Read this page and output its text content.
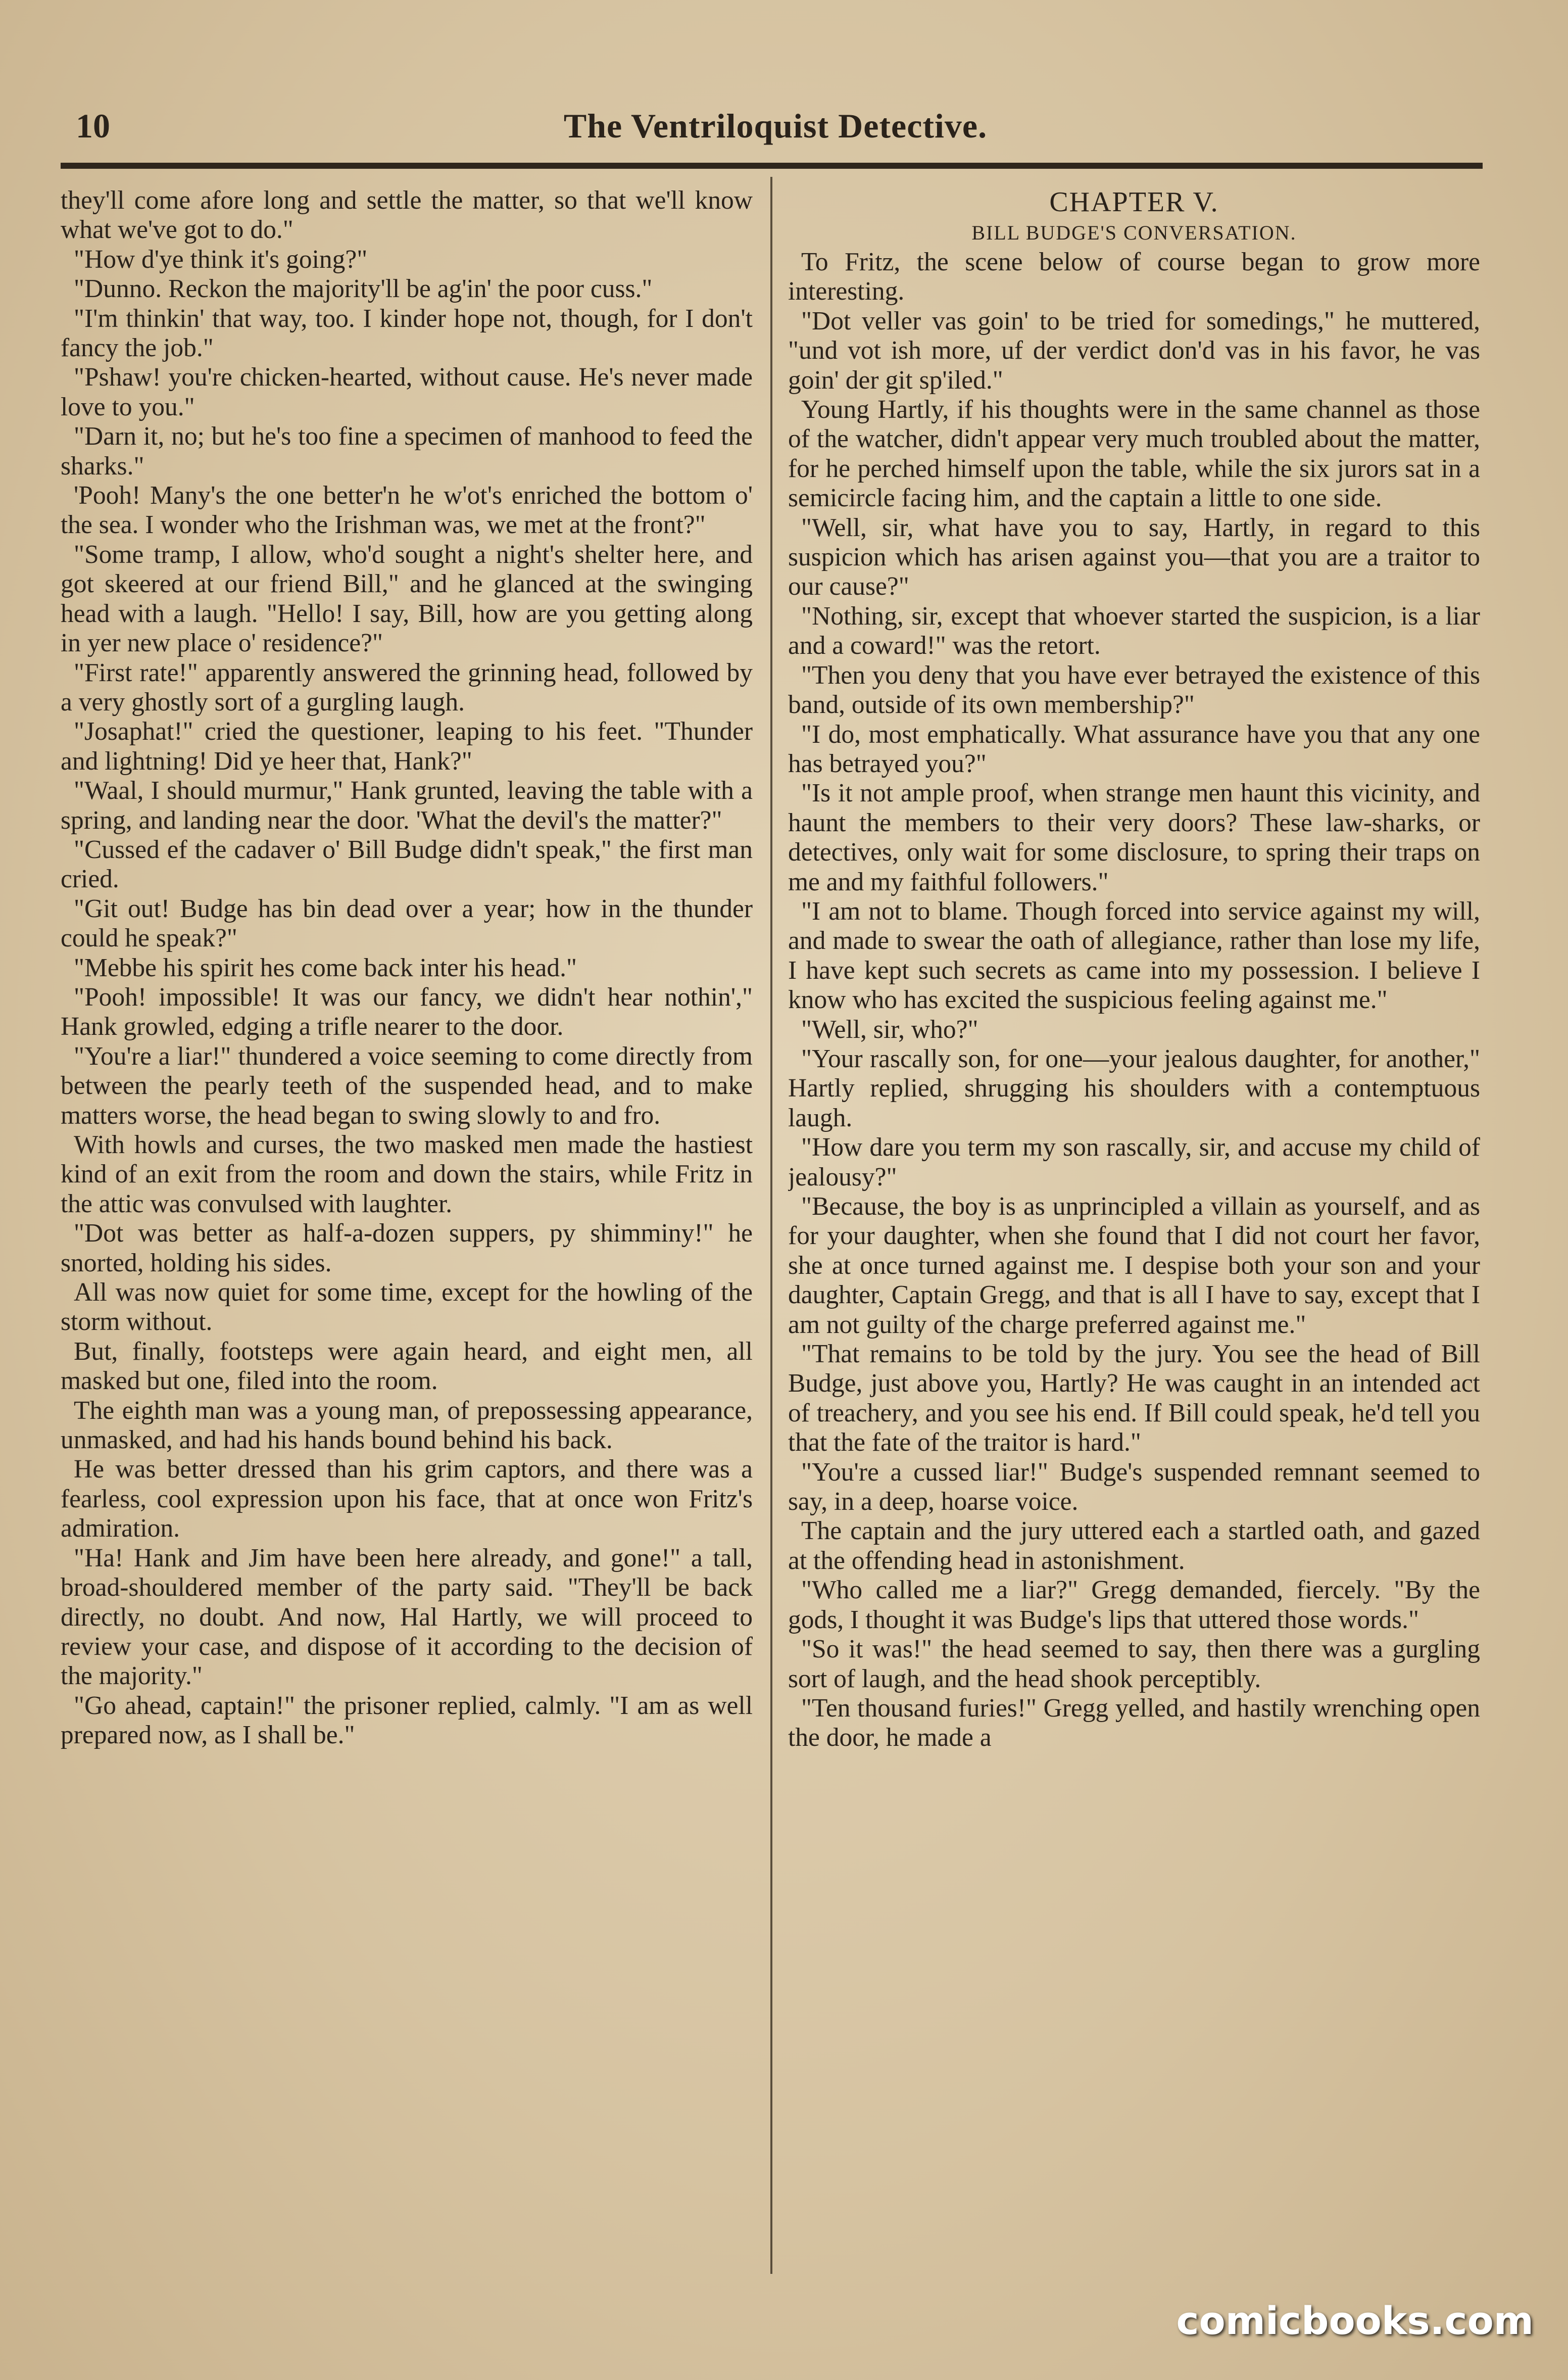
10	The Ventriloquist Detective.

they'll come afore long and settle the matter, so that we'll know what we've got to do."

"How d'ye think it's going?"

"Dunno. Reckon the majority'll be ag'in' the poor cuss."

"I'm thinkin' that way, too. I kinder hope not, though, for I don't fancy the job."

"Pshaw! you're chicken-hearted, without cause. He's never made love to you."

"Darn it, no; but he's too fine a specimen of manhood to feed the sharks."

'Pooh! Many's the one better'n he w'ot's enriched the bottom o' the sea. I wonder who the Irishman was, we met at the front?"

"Some tramp, I allow, who'd sought a night's shelter here, and got skeered at our friend Bill," and he glanced at the swinging head with a laugh. "Hello! I say, Bill, how are you getting along in yer new place o' residence?"

"First rate!" apparently answered the grinning head, followed by a very ghostly sort of a gurgling laugh.

"Josaphat!" cried the questioner, leaping to his feet. "Thunder and lightning! Did ye heer that, Hank?"

"Waal, I should murmur," Hank grunted, leaving the table with a spring, and landing near the door. 'What the devil's the matter?"

"Cussed ef the cadaver o' Bill Budge didn't speak," the first man cried.

"Git out! Budge has bin dead over a year; how in the thunder could he speak?"

"Mebbe his spirit hes come back inter his head."

"Pooh! impossible! It was our fancy, we didn't hear nothin'," Hank growled, edging a trifle nearer to the door.

"You're a liar!" thundered a voice seeming to come directly from between the pearly teeth of the suspended head, and to make matters worse, the head began to swing slowly to and fro.

With howls and curses, the two masked men made the hastiest kind of an exit from the room and down the stairs, while Fritz in the attic was convulsed with laughter.

"Dot was better as half-a-dozen suppers, py shimminy!" he snorted, holding his sides.

All was now quiet for some time, except for the howling of the storm without.

But, finally, footsteps were again heard, and eight men, all masked but one, filed into the room.

The eighth man was a young man, of prepossessing appearance, unmasked, and had his hands bound behind his back.

He was better dressed than his grim captors, and there was a fearless, cool expression upon his face, that at once won Fritz's admiration.

"Ha! Hank and Jim have been here already, and gone!" a tall, broad-shouldered member of the party said. "They'll be back directly, no doubt. And now, Hal Hartly, we will proceed to review your case, and dispose of it according to the decision of the majority."

"Go ahead, captain!" the prisoner replied, calmly. "I am as well prepared now, as I shall be."

CHAPTER V.

BILL BUDGE'S CONVERSATION.

To Fritz, the scene below of course began to grow more interesting.

"Dot veller vas goin' to be tried for somedings," he muttered, "und vot ish more, uf der verdict don'd vas in his favor, he vas goin' der git sp'iled."

Young Hartly, if his thoughts were in the same channel as those of the watcher, didn't appear very much troubled about the matter, for he perched himself upon the table, while the six jurors sat in a semicircle facing him, and the captain a little to one side.

"Well, sir, what have you to say, Hartly, in regard to this suspicion which has arisen against you—that you are a traitor to our cause?"

"Nothing, sir, except that whoever started the suspicion, is a liar and a coward!" was the retort.

"Then you deny that you have ever betrayed the existence of this band, outside of its own membership?"

"I do, most emphatically. What assurance have you that any one has betrayed you?"

"Is it not ample proof, when strange men haunt this vicinity, and haunt the members to their very doors? These law-sharks, or detectives, only wait for some disclosure, to spring their traps on me and my faithful followers."

"I am not to blame. Though forced into service against my will, and made to swear the oath of allegiance, rather than lose my life, I have kept such secrets as came into my possession. I believe I know who has excited the suspicious feeling against me."

"Well, sir, who?"

"Your rascally son, for one—your jealous daughter, for another," Hartly replied, shrugging his shoulders with a contemptuous laugh.

"How dare you term my son rascally, sir, and accuse my child of jealousy?"

"Because, the boy is as unprincipled a villain as yourself, and as for your daughter, when she found that I did not court her favor, she at once turned against me. I despise both your son and your daughter, Captain Gregg, and that is all I have to say, except that I am not guilty of the charge preferred against me."

"That remains to be told by the jury. You see the head of Bill Budge, just above you, Hartly? He was caught in an intended act of treachery, and you see his end. If Bill could speak, he'd tell you that the fate of the traitor is hard."

"You're a cussed liar!" Budge's suspended remnant seemed to say, in a deep, hoarse voice.

The captain and the jury uttered each a startled oath, and gazed at the offending head in astonishment.

"Who called me a liar?" Gregg demanded, fiercely. "By the gods, I thought it was Budge's lips that uttered those words."

"So it was!" the head seemed to say, then there was a gurgling sort of laugh, and the head shook perceptibly.

"Ten thousand furies!" Gregg yelled, and hastily wrenching open the door, he made a

comicbooks.com
